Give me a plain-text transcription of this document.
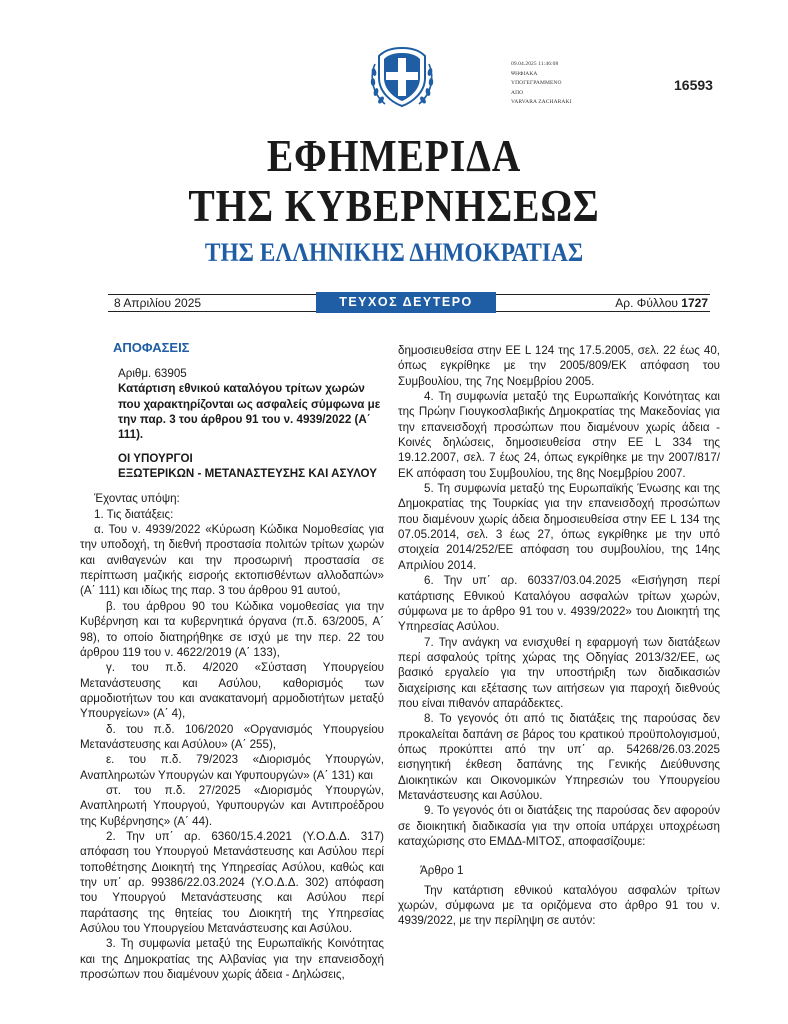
09.04.2025 11:46:08
ΨΗΦΙΑΚΑ
ΥΠΟΓΕΓΡΑΜΜΕΝΟ
ΑΠΟ
VARVARA ZACHARAKI
16593
ΕΦΗΜΕΡΙΔΑ
ΤΗΣ ΚΥΒΕΡΝΗΣΕΩΣ
ΤΗΣ ΕΛΛΗΝΙΚΗΣ ΔΗΜΟΚΡΑΤΙΑΣ
8 Απριλίου 2025	ΤΕΥΧΟΣ ΔΕΥΤΕΡΟ	Αρ. Φύλλου 1727

ΑΠΟΦΑΣΕΙΣ

Αριθμ. 63905

Κατάρτιση εθνικού καταλόγου τρίτων χωρών που χαρακτηρίζονται ως ασφαλείς σύμφωνα με την παρ. 3 του άρθρου 91 του ν. 4939/2022 (Α΄ 111).

ΟΙ ΥΠΟΥΡΓΟΙ
ΕΞΩΤΕΡΙΚΩΝ - ΜΕΤΑΝΑΣΤΕΥΣΗΣ ΚΑΙ ΑΣΥΛΟΥ

Έχοντας υπόψη:

1. Τις διατάξεις:

α. Του ν. 4939/2022 «Κύρωση Κώδικα Νομοθεσίας για την υποδοχή, τη διεθνή προστασία πολιτών τρίτων χωρών και ανιθαγενών και την προσωρινή προστασία σε περίπτωση μαζικής εισροής εκτοπισθέντων αλλοδαπών» (Α΄ 111) και ιδίως της παρ. 3 του άρθρου 91 αυτού,

β. του άρθρου 90 του Κώδικα νομοθεσίας για την Κυβέρνηση και τα κυβερνητικά όργανα (π.δ. 63/2005, Α΄ 98), το οποίο διατηρήθηκε σε ισχύ με την περ. 22 του άρθρου 119 του ν. 4622/2019 (Α΄ 133),

γ. του π.δ. 4/2020 «Σύσταση Υπουργείου Μετανάστευσης και Ασύλου, καθορισμός των αρμοδιοτήτων του και ανακατανομή αρμοδιοτήτων μεταξύ Υπουργείων» (Α΄ 4),

δ. του π.δ. 106/2020 «Οργανισμός Υπουργείου Μετανάστευσης και Ασύλου» (Α΄ 255),

ε. του π.δ. 79/2023 «Διορισμός Υπουργών, Αναπληρωτών Υπουργών και Υφυπουργών» (Α΄ 131) και

στ. του π.δ. 27/2025 «Διορισμός Υπουργών, Αναπληρωτή Υπουργού, Υφυπουργών και Αντιπροέδρου της Κυβέρνησης» (Α΄ 44).

2. Την υπ΄ αρ. 6360/15.4.2021 (Υ.Ο.Δ.Δ. 317) απόφαση του Υπουργού Μετανάστευσης και Ασύλου περί τοποθέτησης Διοικητή της Υπηρεσίας Ασύλου, καθώς και την υπ΄ αρ. 99386/22.03.2024 (Υ.Ο.Δ.Δ. 302) απόφαση του Υπουργού Μετανάστευσης και Ασύλου περί παράτασης της θητείας του Διοικητή της Υπηρεσίας Ασύλου του Υπουργείου Μετανάστευσης και Ασύλου.

3. Τη συμφωνία μεταξύ της Ευρωπαϊκής Κοινότητας και της Δημοκρατίας της Αλβανίας για την επανεισδοχή προσώπων που διαμένουν χωρίς άδεια - Δηλώσεις,

δημοσιευθείσα στην ΕΕ L 124 της 17.5.2005, σελ. 22 έως 40, όπως εγκρίθηκε με την 2005/809/ΕΚ απόφαση του Συμβουλίου, της 7ης Νοεμβρίου 2005.

4. Τη συμφωνία μεταξύ της Ευρωπαϊκής Κοινότητας και της Πρώην Γιουγκοσλαβικής Δημοκρατίας της Μακεδονίας για την επανεισδοχή προσώπων που διαμένουν χωρίς άδεια - Κοινές δηλώσεις, δημοσιευθείσα στην ΕΕ L 334 της 19.12.2007, σελ. 7 έως 24, όπως εγκρίθηκε με την 2007/817/ΕΚ απόφαση του Συμβουλίου, της 8ης Νοεμβρίου 2007.

5. Τη συμφωνία μεταξύ της Ευρωπαϊκής Ένωσης και της Δημοκρατίας της Τουρκίας για την επανεισδοχή προσώπων που διαμένουν χωρίς άδεια δημοσιευθείσα στην ΕΕ L 134 της 07.05.2014, σελ. 3 έως 27, όπως εγκρίθηκε με την υπό στοιχεία 2014/252/ΕΕ απόφαση του συμβουλίου, της 14ης Απριλίου 2014.

6. Την υπ΄ αρ. 60337/03.04.2025 «Εισήγηση περί κατάρτισης Εθνικού Καταλόγου ασφαλών τρίτων χωρών, σύμφωνα με το άρθρο 91 του ν. 4939/2022» του Διοικητή της Υπηρεσίας Ασύλου.

7. Την ανάγκη να ενισχυθεί η εφαρμογή των διατάξεων περί ασφαλούς τρίτης χώρας της Οδηγίας 2013/32/ΕΕ, ως βασικό εργαλείο για την υποστήριξη των διαδικασιών διαχείρισης και εξέτασης των αιτήσεων για παροχή διεθνούς που είναι πιθανόν απαράδεκτες.

8. Το γεγονός ότι από τις διατάξεις της παρούσας δεν προκαλείται δαπάνη σε βάρος του κρατικού προϋπολογισμού, όπως προκύπτει από την υπ΄ αρ. 54268/26.03.2025 εισηγητική έκθεση δαπάνης της Γενικής Διεύθυνσης Διοικητικών και Οικονομικών Υπηρεσιών του Υπουργείου Μετανάστευσης και Ασύλου.

9. Το γεγονός ότι οι διατάξεις της παρούσας δεν αφορούν σε διοικητική διαδικασία για την οποία υπάρχει υποχρέωση καταχώρισης στο ΕΜΔΔ-ΜΙΤΟΣ, αποφασίζουμε:

Άρθρο 1

Την κατάρτιση εθνικού καταλόγου ασφαλών τρίτων χωρών, σύμφωνα με τα οριζόμενα στο άρθρο 91 του ν. 4939/2022, με την περίληψη σε αυτόν:
